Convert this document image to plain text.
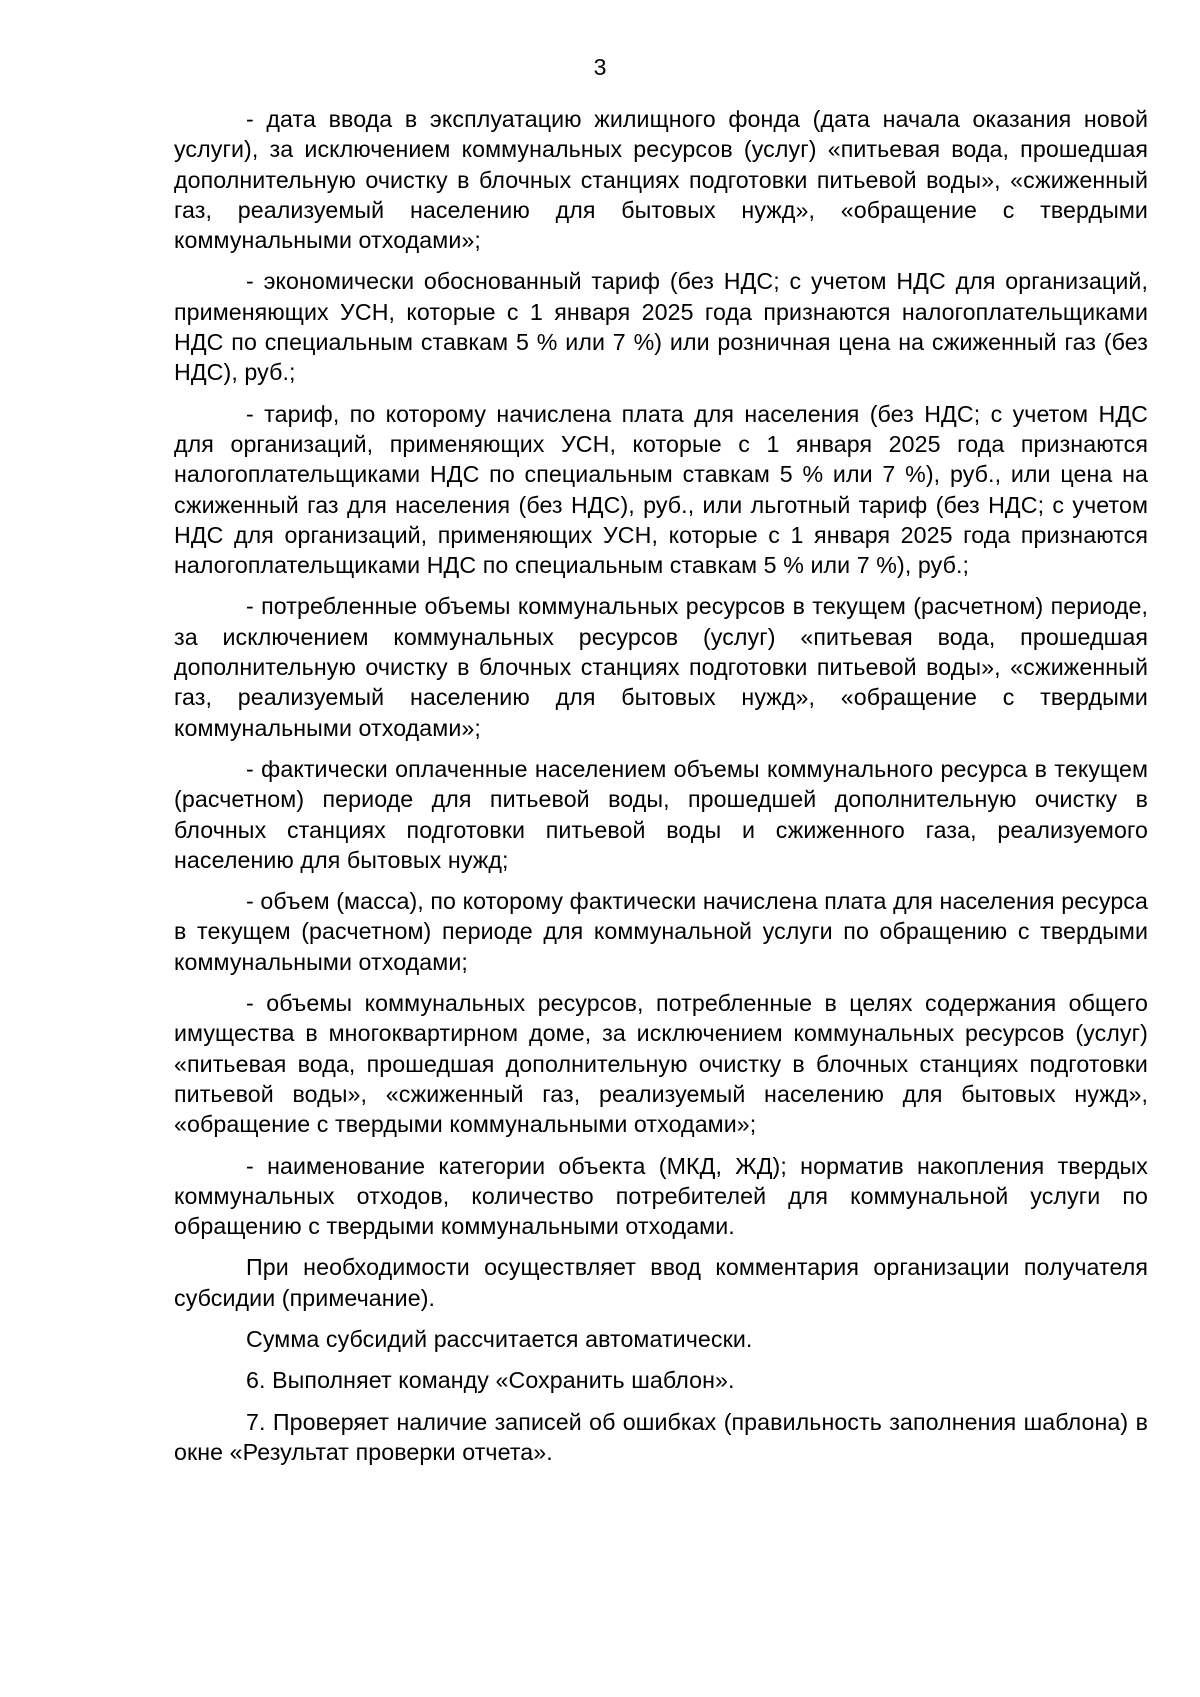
3

- дата ввода в эксплуатацию жилищного фонда (дата начала оказания новой услуги), за исключением коммунальных ресурсов (услуг) «питьевая вода, прошедшая дополнительную очистку в блочных станциях подготовки питьевой воды», «сжиженный газ, реализуемый населению для бытовых нужд», «обращение с твердыми коммунальными отходами»;

- экономически обоснованный тариф (без НДС; с учетом НДС для организаций, применяющих УСН, которые с 1 января 2025 года признаются налогоплательщиками НДС по специальным ставкам 5 % или 7 %) или розничная цена на сжиженный газ (без НДС), руб.;

- тариф, по которому начислена плата для населения (без НДС; с учетом НДС для организаций, применяющих УСН, которые с 1 января 2025 года признаются налогоплательщиками НДС по специальным ставкам 5 % или 7 %), руб., или цена на сжиженный газ для населения (без НДС), руб., или льготный тариф (без НДС; с учетом НДС для организаций, применяющих УСН, которые с 1 января 2025 года признаются налогоплательщиками НДС по специальным ставкам 5 % или 7 %), руб.;

- потребленные объемы коммунальных ресурсов в текущем (расчетном) периоде, за исключением коммунальных ресурсов (услуг) «питьевая вода, прошедшая дополнительную очистку в блочных станциях подготовки питьевой воды», «сжиженный газ, реализуемый населению для бытовых нужд», «обращение с твердыми коммунальными отходами»;

- фактически оплаченные населением объемы коммунального ресурса в текущем (расчетном) периоде для питьевой воды, прошедшей дополнительную очистку в блочных станциях подготовки питьевой воды и сжиженного газа, реализуемого населению для бытовых нужд;

- объем (масса), по которому фактически начислена плата для населения ресурса в текущем (расчетном) периоде для коммунальной услуги по обращению с твердыми коммунальными отходами;

- объемы коммунальных ресурсов, потребленные в целях содержания общего имущества в многоквартирном доме, за исключением коммунальных ресурсов (услуг) «питьевая вода, прошедшая дополнительную очистку в блочных станциях подготовки питьевой воды», «сжиженный газ, реализуемый населению для бытовых нужд», «обращение с твердыми коммунальными отходами»;

- наименование категории объекта (МКД, ЖД); норматив накопления твердых коммунальных отходов, количество потребителей для коммунальной услуги по обращению с твердыми коммунальными отходами.

При необходимости осуществляет ввод комментария организации получателя субсидии (примечание).

Сумма субсидий рассчитается автоматически.

6. Выполняет команду «Сохранить шаблон».

7. Проверяет наличие записей об ошибках (правильность заполнения шаблона) в окне «Результат проверки отчета».
